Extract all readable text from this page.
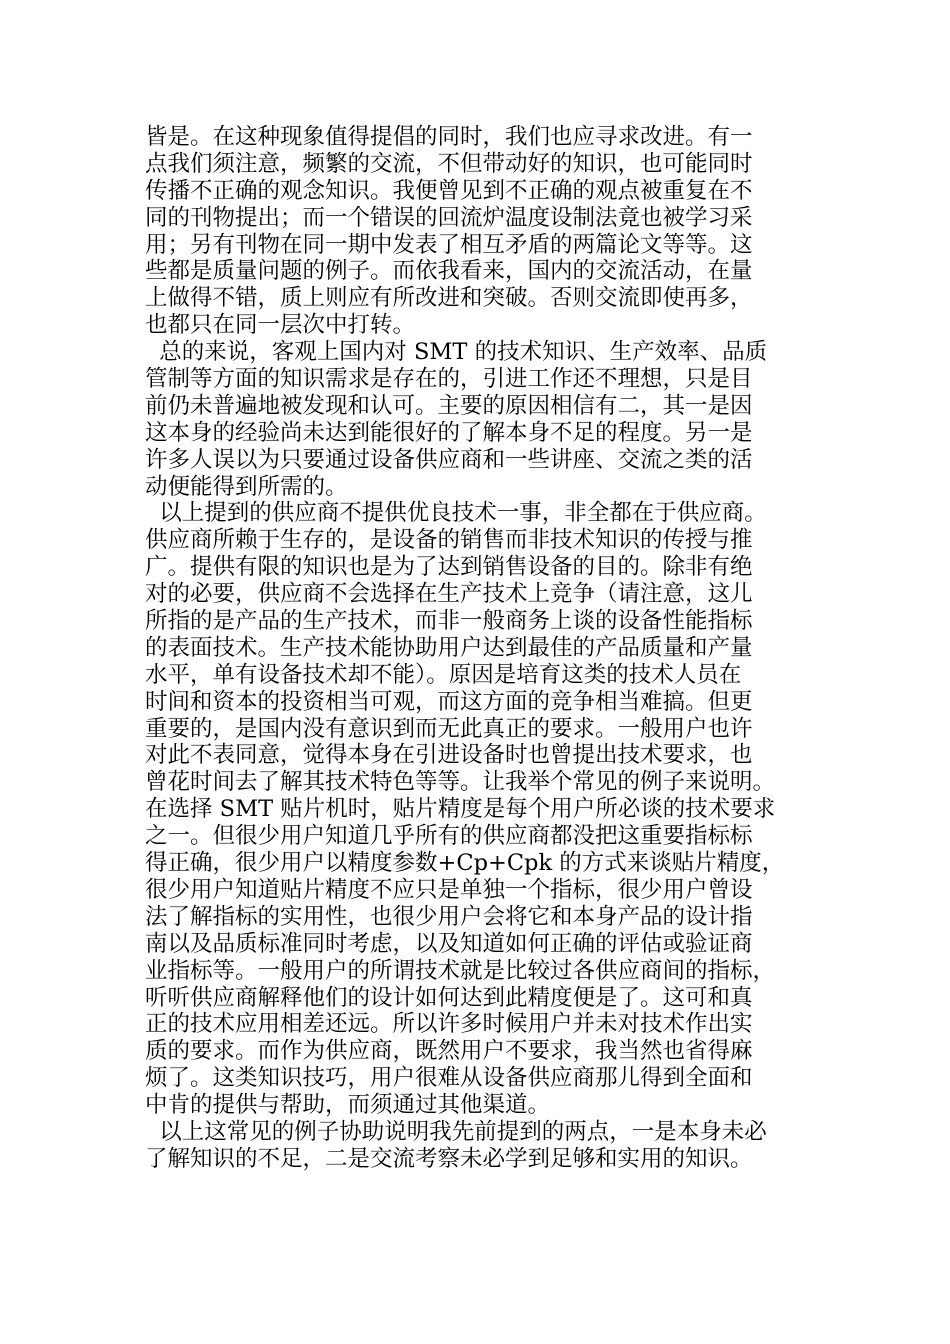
皆是。在这种现象值得提倡的同时，我们也应寻求改进。有一
点我们须注意，频繁的交流，不但带动好的知识，也可能同时
传播不正确的观念知识。我便曾见到不正确的观点被重复在不
同的刊物提出；而一个错误的回流炉温度设制法竟也被学习采
用；另有刊物在同一期中发表了相互矛盾的两篇论文等等。这
些都是质量问题的例子。而依我看来，国内的交流活动，在量
上做得不错，质上则应有所改进和突破。否则交流即使再多，
也都只在同一层次中打转。
总的来说，客观上国内对 SMT 的技术知识、生产效率、品质
管制等方面的知识需求是存在的，引进工作还不理想，只是目
前仍未普遍地被发现和认可。主要的原因相信有二，其一是因
这本身的经验尚未达到能很好的了解本身不足的程度。另一是
许多人误以为只要通过设备供应商和一些讲座、交流之类的活
动便能得到所需的。
以上提到的供应商不提供优良技术一事，非全都在于供应商。
供应商所赖于生存的，是设备的销售而非技术知识的传授与推
广。提供有限的知识也是为了达到销售设备的目的。除非有绝
对的必要，供应商不会选择在生产技术上竞争（请注意，这儿
所指的是产品的生产技术，而非一般商务上谈的设备性能指标
的表面技术。生产技术能协助用户达到最佳的产品质量和产量
水平，单有设备技术却不能）。原因是培育这类的技术人员在
时间和资本的投资相当可观，而这方面的竞争相当难搞。但更
重要的，是国内没有意识到而无此真正的要求。一般用户也许
对此不表同意，觉得本身在引进设备时也曾提出技术要求，也
曾花时间去了解其技术特色等等。让我举个常见的例子来说明。
在选择 SMT 贴片机时，贴片精度是每个用户所必谈的技术要求
之一。但很少用户知道几乎所有的供应商都没把这重要指标标
得正确，很少用户以精度参数+Cp+Cpk 的方式来谈贴片精度，
很少用户知道贴片精度不应只是单独一个指标，很少用户曾设
法了解指标的实用性，也很少用户会将它和本身产品的设计指
南以及品质标准同时考虑，以及知道如何正确的评估或验证商
业指标等。一般用户的所谓技术就是比较过各供应商间的指标，
听听供应商解释他们的设计如何达到此精度便是了。这可和真
正的技术应用相差还远。所以许多时候用户并未对技术作出实
质的要求。而作为供应商，既然用户不要求，我当然也省得麻
烦了。这类知识技巧，用户很难从设备供应商那儿得到全面和
中肯的提供与帮助，而须通过其他渠道。
以上这常见的例子协助说明我先前提到的两点，一是本身未必
了解知识的不足，二是交流考察未必学到足够和实用的知识。
